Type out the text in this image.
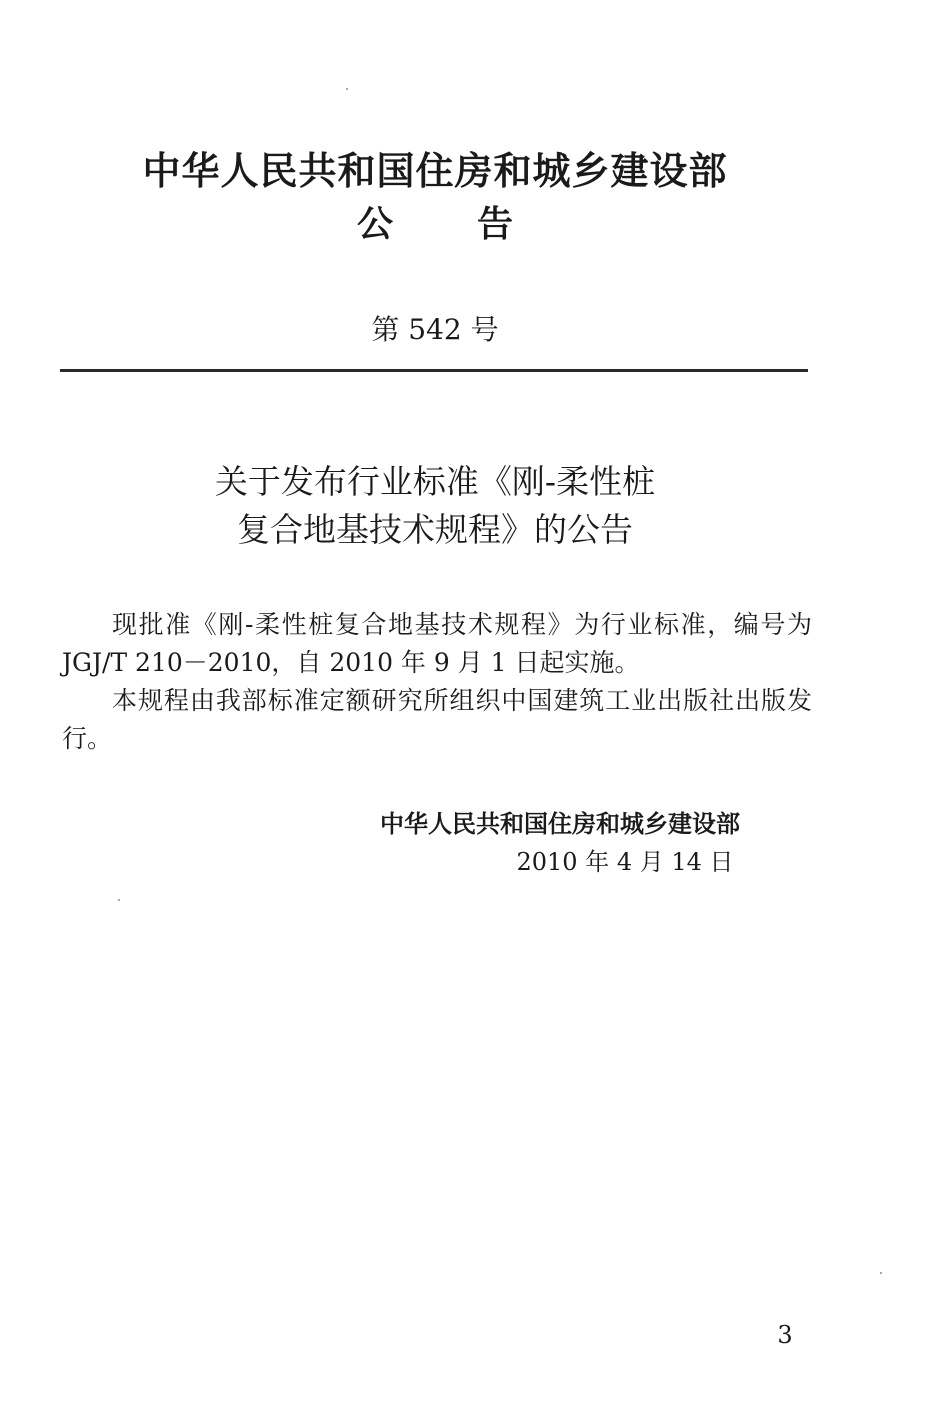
中华人民共和国住房和城乡建设部
公 告
第 542 号
关于发布行业标准《刚-柔性桩
复合地基技术规程》的公告

现批准《刚-柔性桩复合地基技术规程》为行业标准，编号为 JGJ/T 210－2010，自 2010 年 9 月 1 日起实施。

本规程由我部标准定额研究所组织中国建筑工业出版社出版发行。

中华人民共和国住房和城乡建设部
2010 年 4 月 14 日
3
